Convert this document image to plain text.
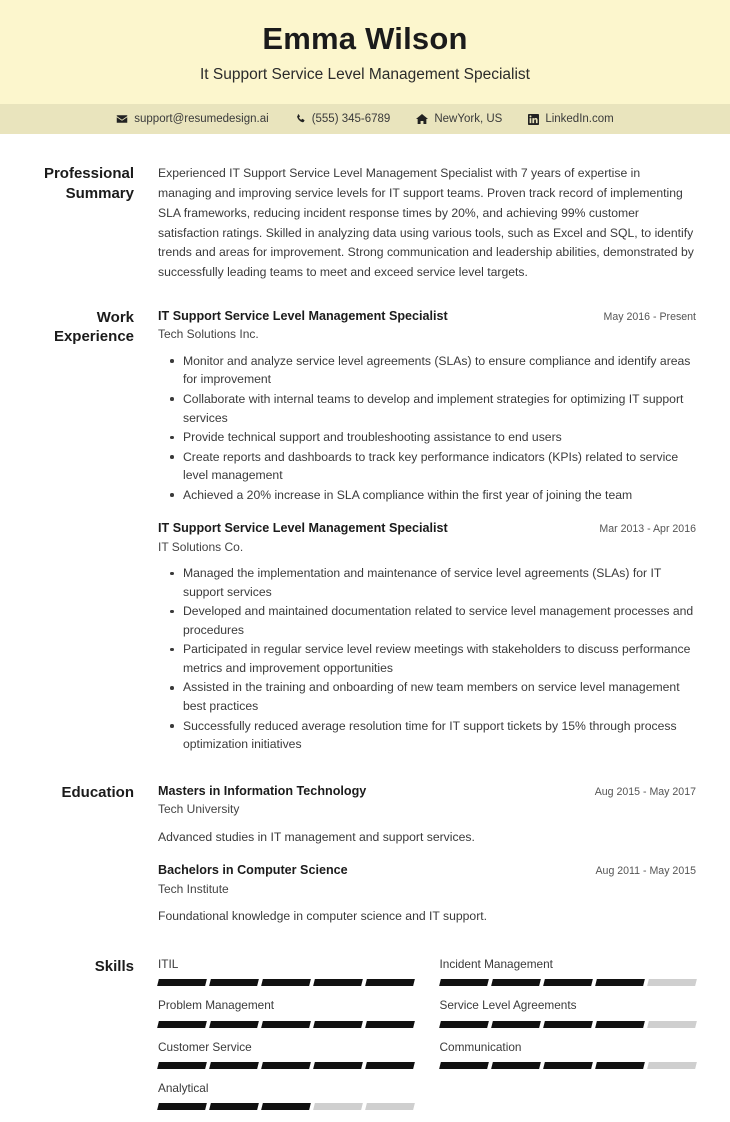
Emma Wilson
It Support Service Level Management Specialist
support@resumedesign.ai	(555) 345-6789	NewYork, US	LinkedIn.com
Professional
Summary
Experienced IT Support Service Level Management Specialist with 7 years of expertise in managing and improving service levels for IT support teams. Proven track record of implementing SLA frameworks, reducing incident response times by 20%, and achieving 99% customer satisfaction ratings. Skilled in analyzing data using various tools, such as Excel and SQL, to identify trends and areas for improvement. Strong communication and leadership abilities, demonstrated by successfully leading teams to meet and exceed service level targets.
Work
Experience
IT Support Service Level Management Specialist	May 2016 - Present
Tech Solutions Inc.
Monitor and analyze service level agreements (SLAs) to ensure compliance and identify areas for improvement
Collaborate with internal teams to develop and implement strategies for optimizing IT support services
Provide technical support and troubleshooting assistance to end users
Create reports and dashboards to track key performance indicators (KPIs) related to service level management
Achieved a 20% increase in SLA compliance within the first year of joining the team
IT Support Service Level Management Specialist	Mar 2013 - Apr 2016
IT Solutions Co.
Managed the implementation and maintenance of service level agreements (SLAs) for IT support services
Developed and maintained documentation related to service level management processes and procedures
Participated in regular service level review meetings with stakeholders to discuss performance metrics and improvement opportunities
Assisted in the training and onboarding of new team members on service level management best practices
Successfully reduced average resolution time for IT support tickets by 15% through process optimization initiatives
Education	Masters in Information Technology	Aug 2015 - May 2017
Tech University
Advanced studies in IT management and support services.
Bachelors in Computer Science	Aug 2011 - May 2015
Tech Institute
Foundational knowledge in computer science and IT support.
Skills	ITIL	Incident Management
Problem Management	Service Level Agreements
Customer Service	Communication
Analytical
